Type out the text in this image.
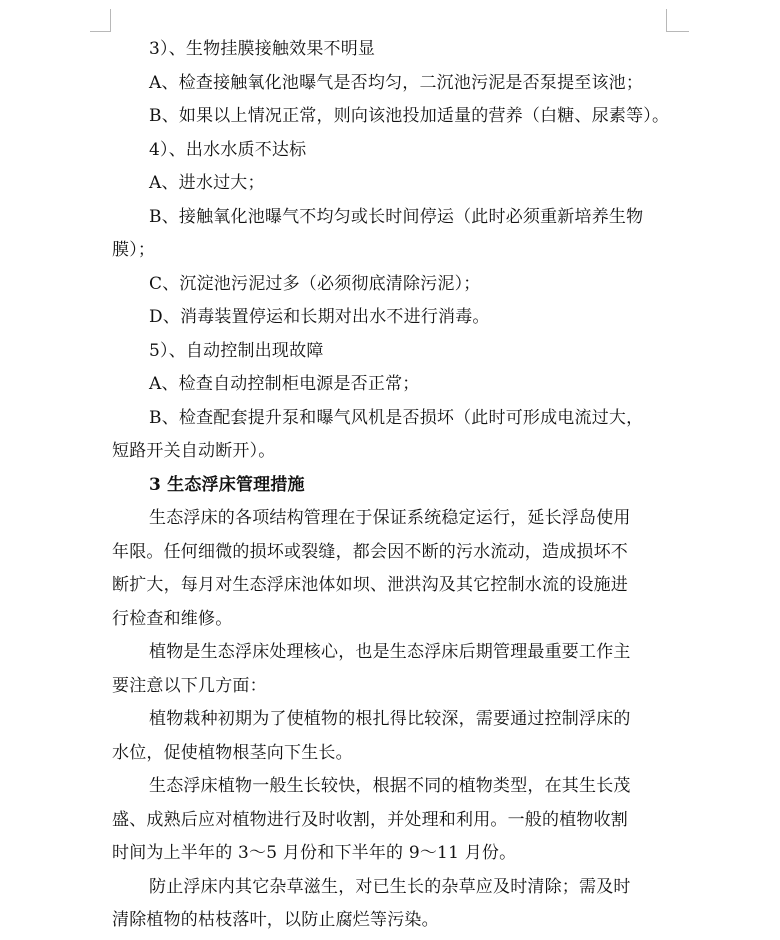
3）、生物挂膜接触效果不明显
A、检查接触氧化池曝气是否均匀，二沉池污泥是否泵提至该池；
B、如果以上情况正常，则向该池投加适量的营养（白糖、尿素等）。
4）、出水水质不达标
A、进水过大；
B、接触氧化池曝气不均匀或长时间停运（此时必须重新培养生物
膜）；
C、沉淀池污泥过多（必须彻底清除污泥）；
D、消毒装置停运和长期对出水不进行消毒。
5）、自动控制出现故障
A、检查自动控制柜电源是否正常；
B、检查配套提升泵和曝气风机是否损坏（此时可形成电流过大，
短路开关自动断开）。
3 生态浮床管理措施
生态浮床的各项结构管理在于保证系统稳定运行，延长浮岛使用
年限。任何细微的损坏或裂缝，都会因不断的污水流动，造成损坏不
断扩大，每月对生态浮床池体如坝、泄洪沟及其它控制水流的设施进
行检查和维修。
植物是生态浮床处理核心，也是生态浮床后期管理最重要工作主
要注意以下几方面：
植物栽种初期为了使植物的根扎得比较深，需要通过控制浮床的
水位，促使植物根茎向下生长。
生态浮床植物一般生长较快，根据不同的植物类型，在其生长茂
盛、成熟后应对植物进行及时收割，并处理和利用。一般的植物收割
时间为上半年的 3～5 月份和下半年的 9～11 月份。
防止浮床内其它杂草滋生，对已生长的杂草应及时清除；需及时
清除植物的枯枝落叶，以防止腐烂等污染。
